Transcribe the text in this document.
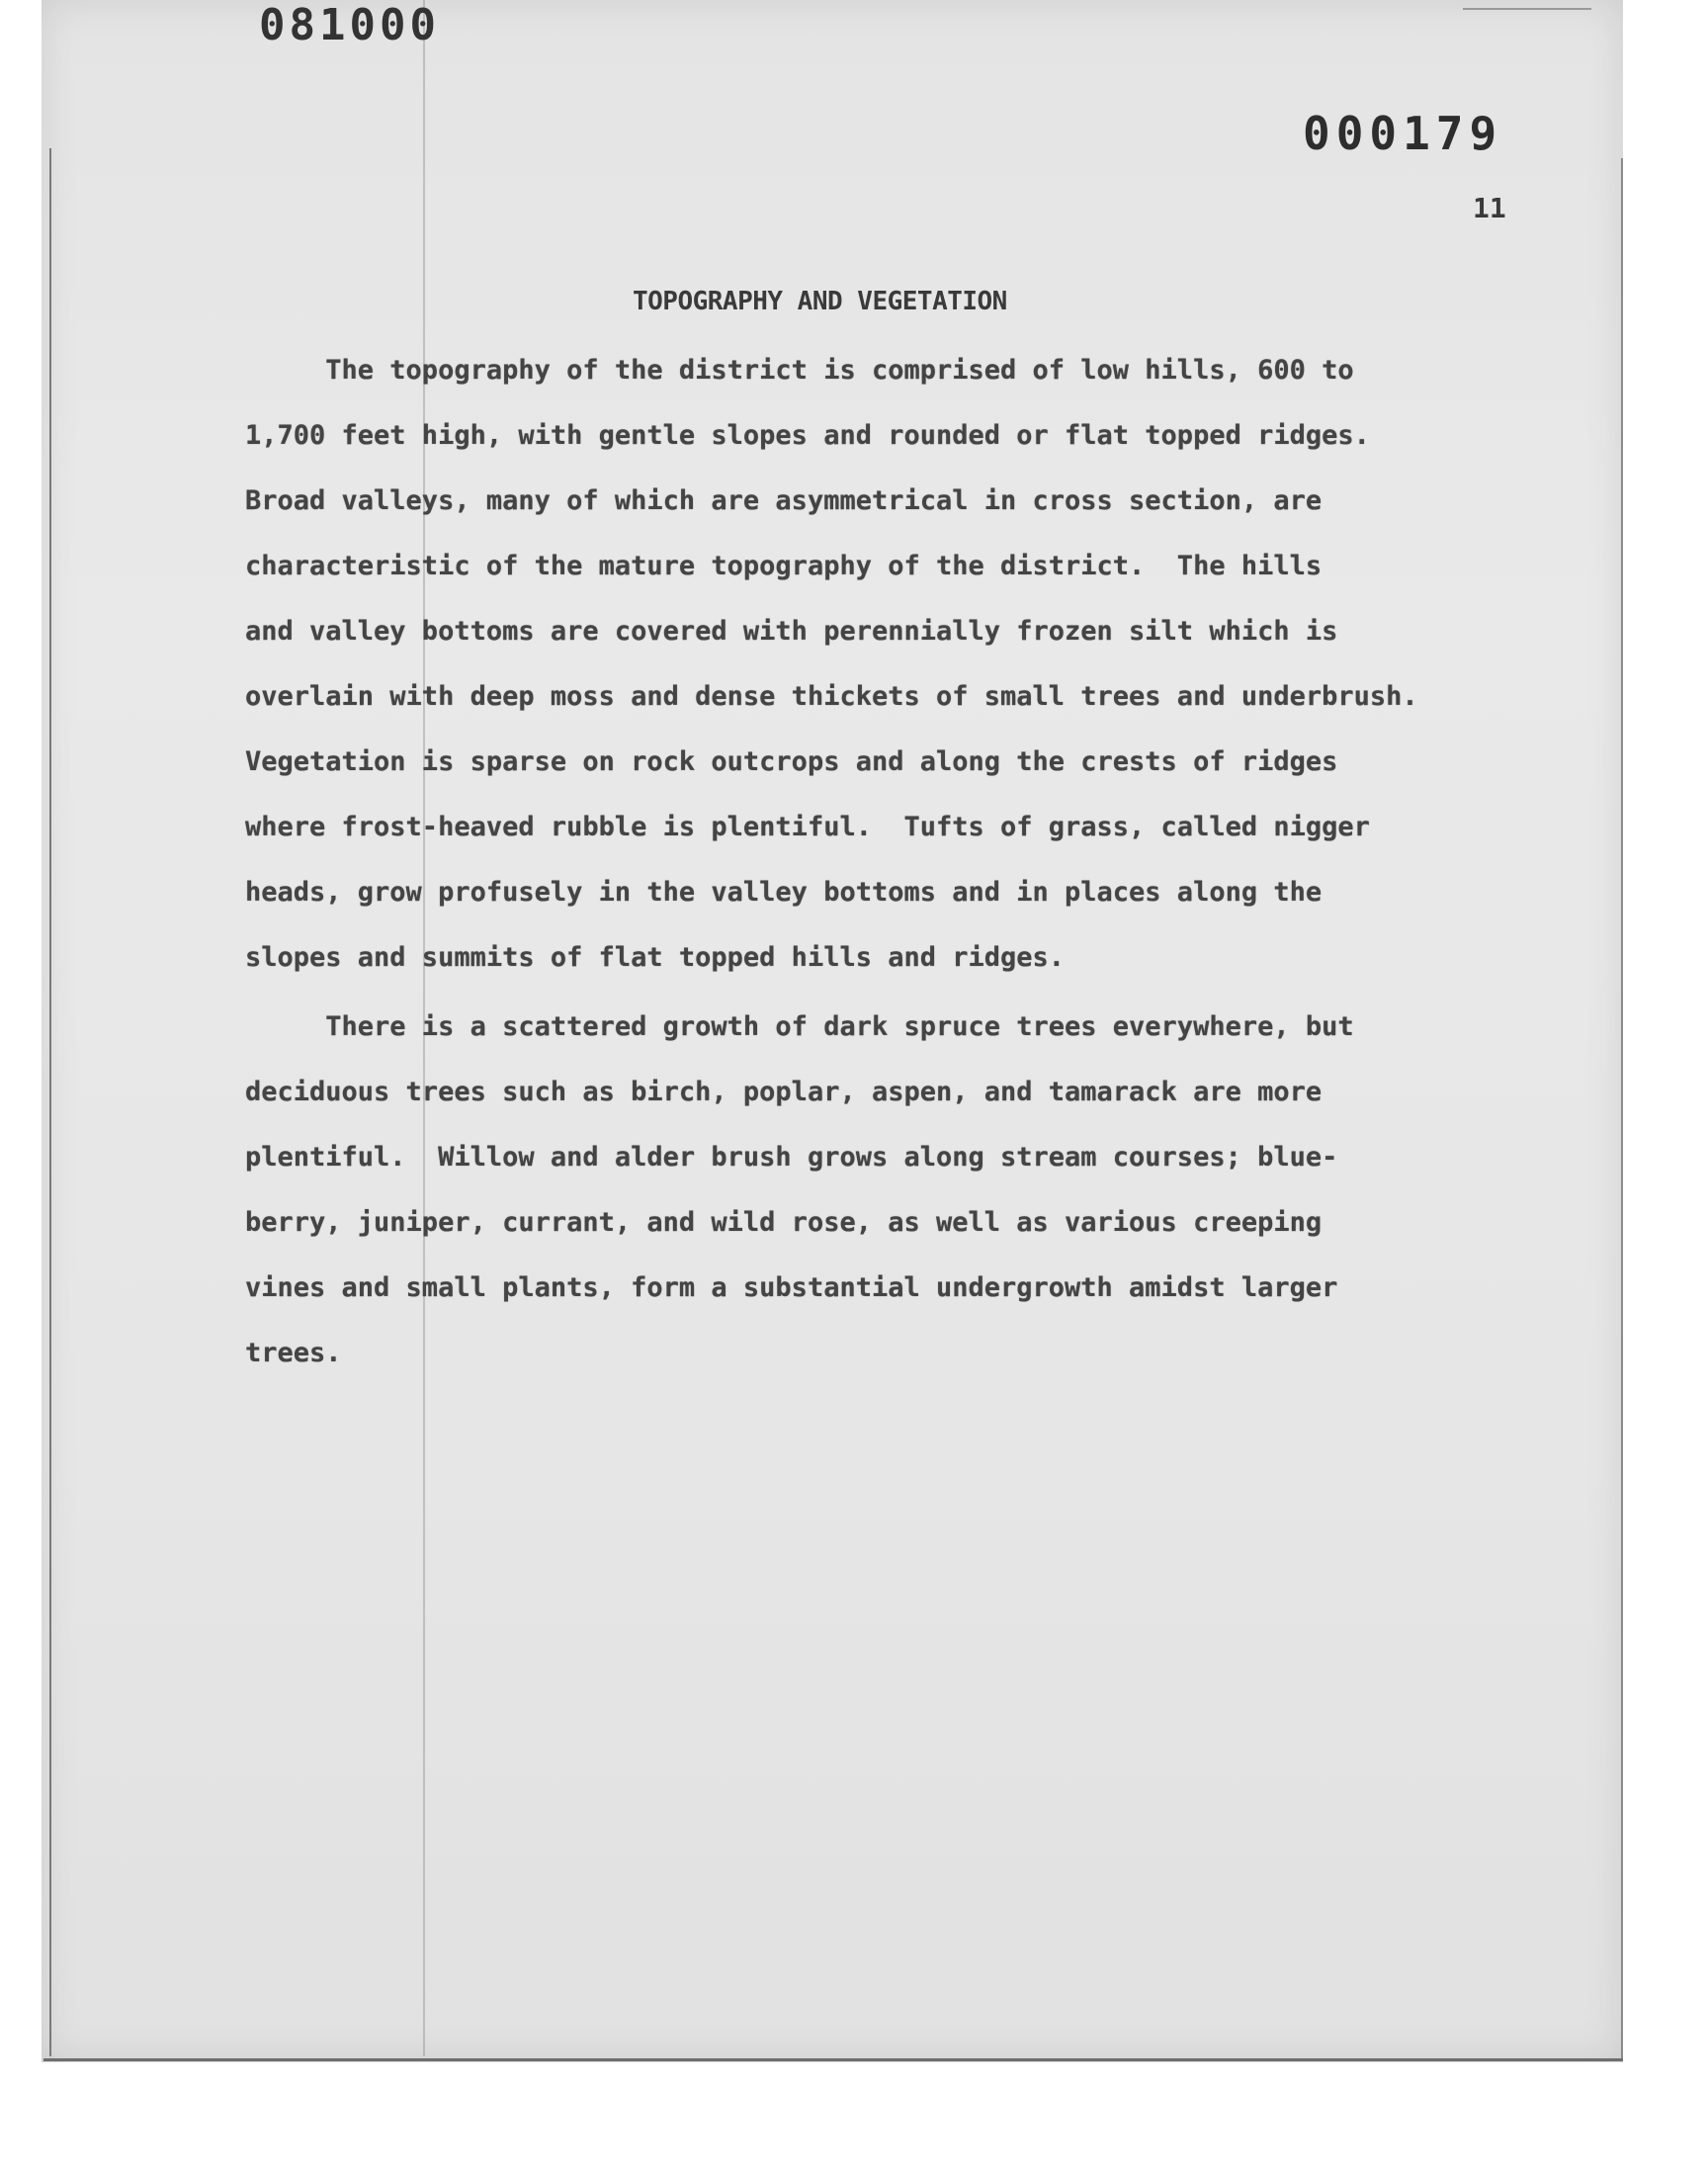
081000
000179
11
TOPOGRAPHY AND VEGETATION
The topography of the district is comprised of low hills, 600 to
1,700 feet high, with gentle slopes and rounded or flat topped ridges.
Broad valleys, many of which are asymmetrical in cross section, are
characteristic of the mature topography of the district.  The hills
and valley bottoms are covered with perennially frozen silt which is
overlain with deep moss and dense thickets of small trees and underbrush.
Vegetation is sparse on rock outcrops and along the crests of ridges
where frost-heaved rubble is plentiful.  Tufts of grass, called nigger
heads, grow profusely in the valley bottoms and in places along the
slopes and summits of flat topped hills and ridges.
There is a scattered growth of dark spruce trees everywhere, but
deciduous trees such as birch, poplar, aspen, and tamarack are more
plentiful.  Willow and alder brush grows along stream courses; blue-
berry, juniper, currant, and wild rose, as well as various creeping
vines and small plants, form a substantial undergrowth amidst larger
trees.
